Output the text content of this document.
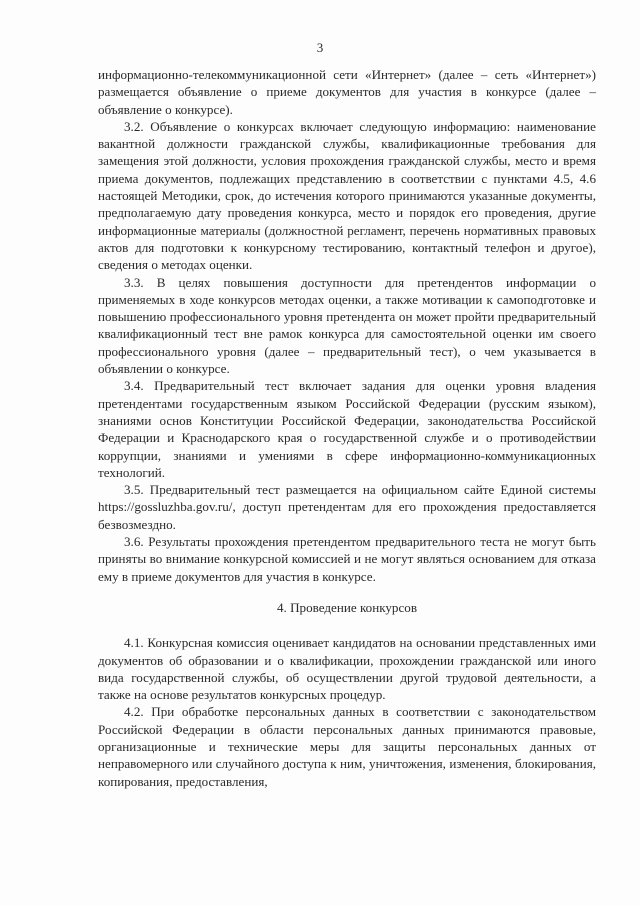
3

информационно-телекоммуникационной сети «Интернет» (далее – сеть «Интернет») размещается объявление о приеме документов для участия в конкурсе (далее – объявление о конкурсе).

3.2. Объявление о конкурсах включает следующую информацию: наименование вакантной должности гражданской службы, квалификационные требования для замещения этой должности, условия прохождения гражданской службы, место и время приема документов, подлежащих представлению в соответствии с пунктами 4.5, 4.6 настоящей Методики, срок, до истечения которого принимаются указанные документы, предполагаемую дату проведения конкурса, место и порядок его проведения, другие информационные материалы (должностной регламент, перечень нормативных правовых актов для подготовки к конкурсному тестированию, контактный телефон и другое), сведения о методах оценки.

3.3. В целях повышения доступности для претендентов информации о применяемых в ходе конкурсов методах оценки, а также мотивации к самоподготовке и повышению профессионального уровня претендента он может пройти предварительный квалификационный тест вне рамок конкурса для самостоятельной оценки им своего профессионального уровня (далее – предварительный тест), о чем указывается в объявлении о конкурсе.

3.4. Предварительный тест включает задания для оценки уровня владения претендентами государственным языком Российской Федерации (русским языком), знаниями основ Конституции Российской Федерации, законодательства Российской Федерации и Краснодарского края о государственной службе и о противодействии коррупции, знаниями и умениями в сфере информационно-коммуникационных технологий.

3.5. Предварительный тест размещается на официальном сайте Единой системы https://gossluzhba.gov.ru/, доступ претендентам для его прохождения предоставляется безвозмездно.

3.6. Результаты прохождения претендентом предварительного теста не могут быть приняты во внимание конкурсной комиссией и не могут являться основанием для отказа ему в приеме документов для участия в конкурсе.

4. Проведение конкурсов

4.1. Конкурсная комиссия оценивает кандидатов на основании представленных ими документов об образовании и о квалификации, прохождении гражданской или иного вида государственной службы, об осуществлении другой трудовой деятельности, а также на основе результатов конкурсных процедур.

4.2. При обработке персональных данных в соответствии с законодательством Российской Федерации в области персональных данных принимаются правовые, организационные и технические меры для защиты персональных данных от неправомерного или случайного доступа к ним, уничтожения, изменения, блокирования, копирования, предоставления,
